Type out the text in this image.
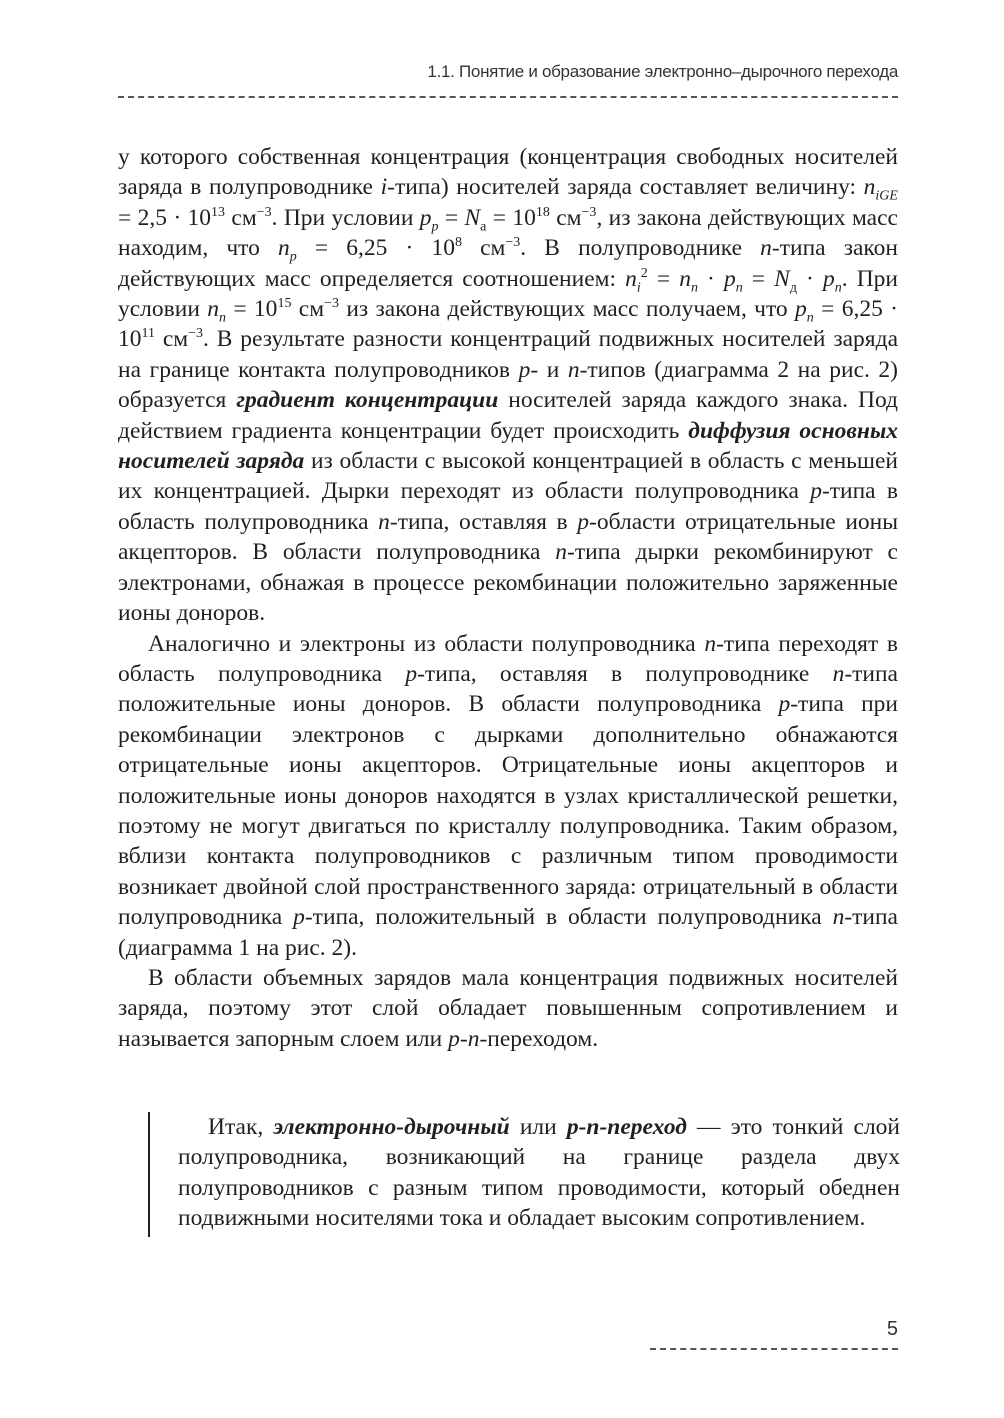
1.1. Понятие и образование электронно–дырочного перехода

у которого собственная концентрация (концентрация свободных носителей заряда в полупроводнике i-типа) носителей заряда составляет величину: $n_{iGE} = 2,5 \cdot 10^{13}$ $см^{-3}$. При условии $p_p = N_а = 10^{18}$ $см^{-3}$, из закона действующих масс находим, что $n_p = 6,25 \cdot 10^8$ $см^{-3}$. В полупроводнике n-типа закон действующих масс определяется соотношением: $n_i^2 = n_n \cdot p_n = N_д \cdot p_n$. При условии $n_n = 10^{15}$ $см^{-3}$ из закона действующих масс получаем, что $p_n = 6,25 \cdot 10^{11}$ $см^{-3}$. В результате разности концентраций подвижных носителей заряда на границе контакта полупроводников p- и n-типов (диаграмма 2 на рис. 2) образуется градиент концентрации носителей заряда каждого знака. Под действием градиента концентрации будет происходить диффузия основных носителей заряда из области с высокой концентрацией в область с меньшей их концентрацией. Дырки переходят из области полупроводника p-типа в область полупроводника n-типа, оставляя в p-области отрицательные ионы акцепторов. В области полупроводника n-типа дырки рекомбинируют с электронами, обнажая в процессе рекомбинации положительно заряженные ионы доноров.

Аналогично и электроны из области полупроводника n-типа переходят в область полупроводника p-типа, оставляя в полупроводнике n-типа положительные ионы доноров. В области полупроводника p-типа при рекомбинации электронов с дырками дополнительно обнажаются отрицательные ионы акцепторов. Отрицательные ионы акцепторов и положительные ионы доноров находятся в узлах кристаллической решетки, поэтому не могут двигаться по кристаллу полупроводника. Таким образом, вблизи контакта полупроводников с различным типом проводимости возникает двойной слой пространственного заряда: отрицательный в области полупроводника p-типа, положительный в области полупроводника n-типа (диаграмма 1 на рис. 2).

В области объемных зарядов мала концентрация подвижных носителей заряда, поэтому этот слой обладает повышенным сопротивлением и называется запорным слоем или p-n-переходом.

Итак, электронно-дырочный или p-n-переход — это тонкий слой полупроводника, возникающий на границе раздела двух полупроводников с разным типом проводимости, который обеднен подвижными носителями тока и обладает высоким сопротивлением.

5
